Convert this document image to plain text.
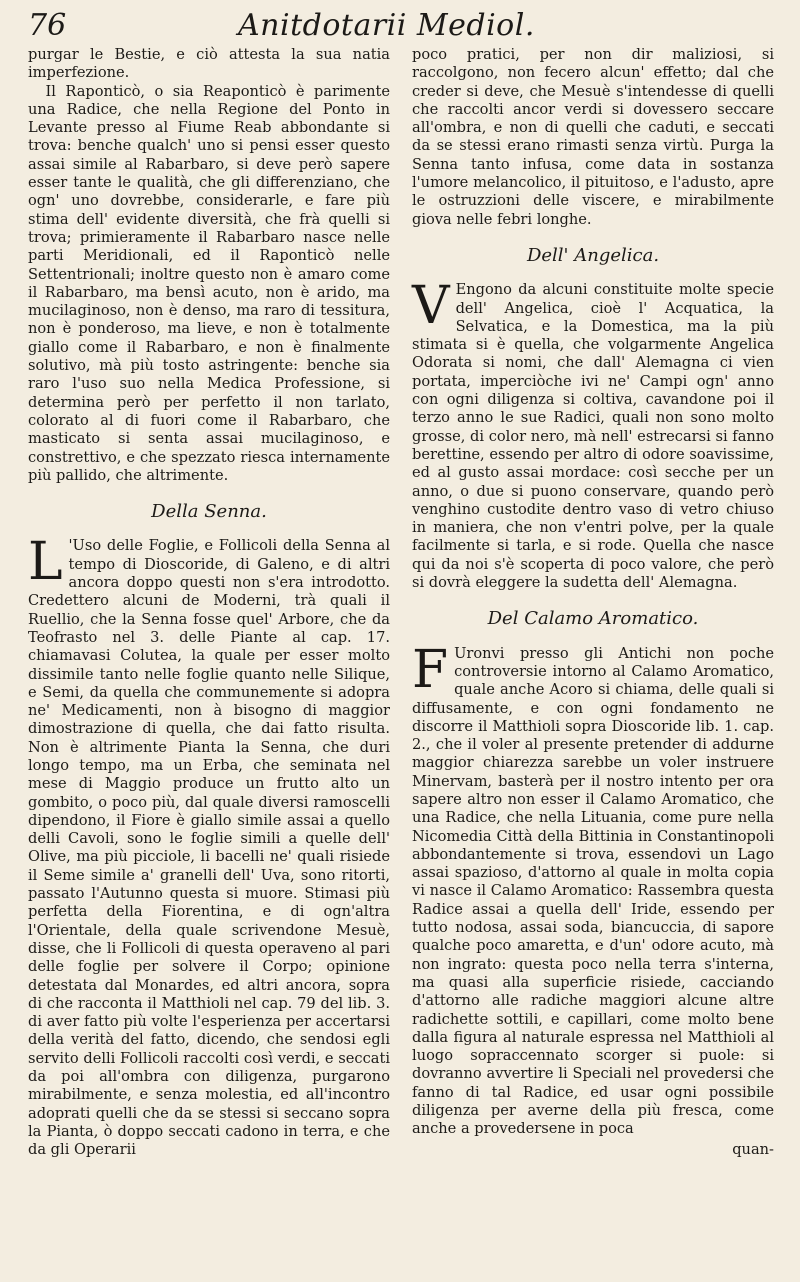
76	Anitdotarii Mediol.

purgar le Bestie, e ciò attesta la sua natia imperfezione.

Il Raponticò, o sia Reaponticò è parimente una Radice, che nella Regione del Ponto in Levante presso al Fiume Reab abbondante si trova: benche qualch' uno si pensi esser questo assai simile al Rabarbaro, si deve però sapere esser tante le qualità, che gli differenziano, che ogn' uno dovrebbe, considerarle, e fare più stima dell' evidente diversità, che frà quelli si trova; primieramente il Rabarbaro nasce nelle parti Meridionali, ed il Raponticò nelle Settentrionali; inoltre questo non è amaro come il Rabarbaro, ma bensì acuto, non è arido, ma mucilaginoso, non è denso, ma raro di tessitura, non è ponderoso, ma lieve, e non è totalmente giallo come il Rabarbaro, e non è finalmente solutivo, mà più tosto astringente: benche sia raro l'uso suo nella Medica Professione, si determina però per perfetto il non tarlato, colorato al di fuori come il Rabarbaro, che masticato si senta assai mucilaginoso, e constrettivo, e che spezzato riesca internamente più pallido, che altrimente.

Della Senna.

L 'Uso delle Foglie, e Follicoli della Senna al tempo di Dioscoride, di Galeno, e di altri ancora doppo questi non s'era introdotto. Credettero alcuni de Moderni, trà quali il Ruellio, che la Senna fosse quel' Arbore, che da Teofrasto nel 3. delle Piante al cap. 17. chiamavasi Colutea, la quale per esser molto dissimile tanto nelle foglie quanto nelle Siliquе, e Semi, da quella che communemente si adopra ne' Medicamenti, non à bisogno di maggior dimostrazione di quella, che dai fatto risulta. Non è altrimente Pianta la Senna, che duri longo tempo, ma un Erba, che seminata nel mese di Maggio produce un frutto alto un gombito, o poco più, dal quale diversi ramoscelli dipendono, il Fiore è giallo simile assai a quello delli Cavoli, sono le foglie simili a quelle dell' Olive, ma più picciole, li bacelli ne' quali risiede il Seme simile a' granelli dell' Uva, sono ritorti, passato l'Autunno questa si muore. Stimasi più perfetta della Fiorentina, e di ogn'altra l'Orientale, della quale scrivendone Mesuè, disse, che li Follicoli di questa operaveno al pari delle foglie per solvere il Corpo; opinione detestata dal Monardes, ed altri ancora, sopra di che racconta il Matthioli nel cap. 79 del lib. 3. di aver fatto più volte l'esperienza per accertarsi della verità del fatto, dicendo, che sendosi egli servito delli Follicoli raccolti così verdi, e seccati da poi all'ombra con diligenza, purgarono mirabilmente, e senza molestia, ed all'incontro adoprati quelli che da se stessi si seccano sopra la Pianta, ò doppo seccati cadono in terra, e che da gli Operarii

poco pratici, per non dir maliziosi, si raccolgono, non fecero alcun' effetto; dal che creder si deve, che Mesuè s'intendesse di quelli che raccolti ancor verdi si dovessero seccare all'ombra, e non di quelli che caduti, e seccati da se stessi erano rimasti senza virtù. Purga la Senna tanto infusa, come data in sostanza l'umore melancolico, il pituitoso, e l'adusto, apre le ostruzzioni delle viscere, e mirabilmente giova nelle febri longhe.

Dell' Angelica.

V Engono da alcuni constituite molte specie dell' Angelica, cioè l' Acquatica, la Selvatica, e la Domestica, ma la più stimata si è quella, che volgarmente Angelica Odorata si nomi, che dall' Alemagna ci vien portata, imperciòche ivi ne' Campi ogn' anno con ogni diligenza si coltiva, cavandone poi il terzo anno le sue Radici, quali non sono molto grosse, di color nero, mà nell' estrecarsi si fanno berettine, essendo per altro di odore soavissime, ed al gusto assai mordace: così secche per un anno, o due si puono conservare, quando però venghino custodite dentro vaso di vetro chiuso in maniera, che non v'entri polve, per la quale facilmente si tarla, e si rode. Quella che nasce qui da noi s'è scoperta di poco valore, che però si dovrà eleggere la sudetta dell' Alemagna.

Del Calamo Aromatico.

F Uronvi presso gli Antichi non poche controversie intorno al Calamo Aromatico, quale anche Acoro si chiama, delle quali si diffusamente, e con ogni fondamento ne discorre il Matthioli sopra Dioscoride lib. 1. cap. 2., che il voler al presente pretender di addurne maggior chiarezza sarebbe un voler instruere Minervam, basterà per il nostro intento per ora sapere altro non esser il Calamo Aromatico, che una Radice, che nella Lituania, come pure nella Nicomedia Città della Bittinia in Constantinopoli abbondantemente si trova, essendovi un Lago assai spazioso, d'attorno al quale in molta copia vi nasce il Calamo Aromatico: Rassembra questa Radice assai a quella dell' Iride, essendo per tutto nodosa, assai soda, biancuccia, di sapore qualche poco amaretta, e d'un' odore acuto, mà non ingrato: questa poco nella terra s'interna, ma quasi alla superficie risiede, cacciando d'attorno alle radiche maggiori alcune altre radichette sottili, e capillari, come molto bene dalla figura al naturale espressa nel Matthioli al luogo sopraccennato scorger si puole: si dovranno avvertire li Speciali nel provedersi che fanno di tal Radice, ed usar ogni possibile diligenza per averne della più fresca, come anche a provedersene in poca

quan-
